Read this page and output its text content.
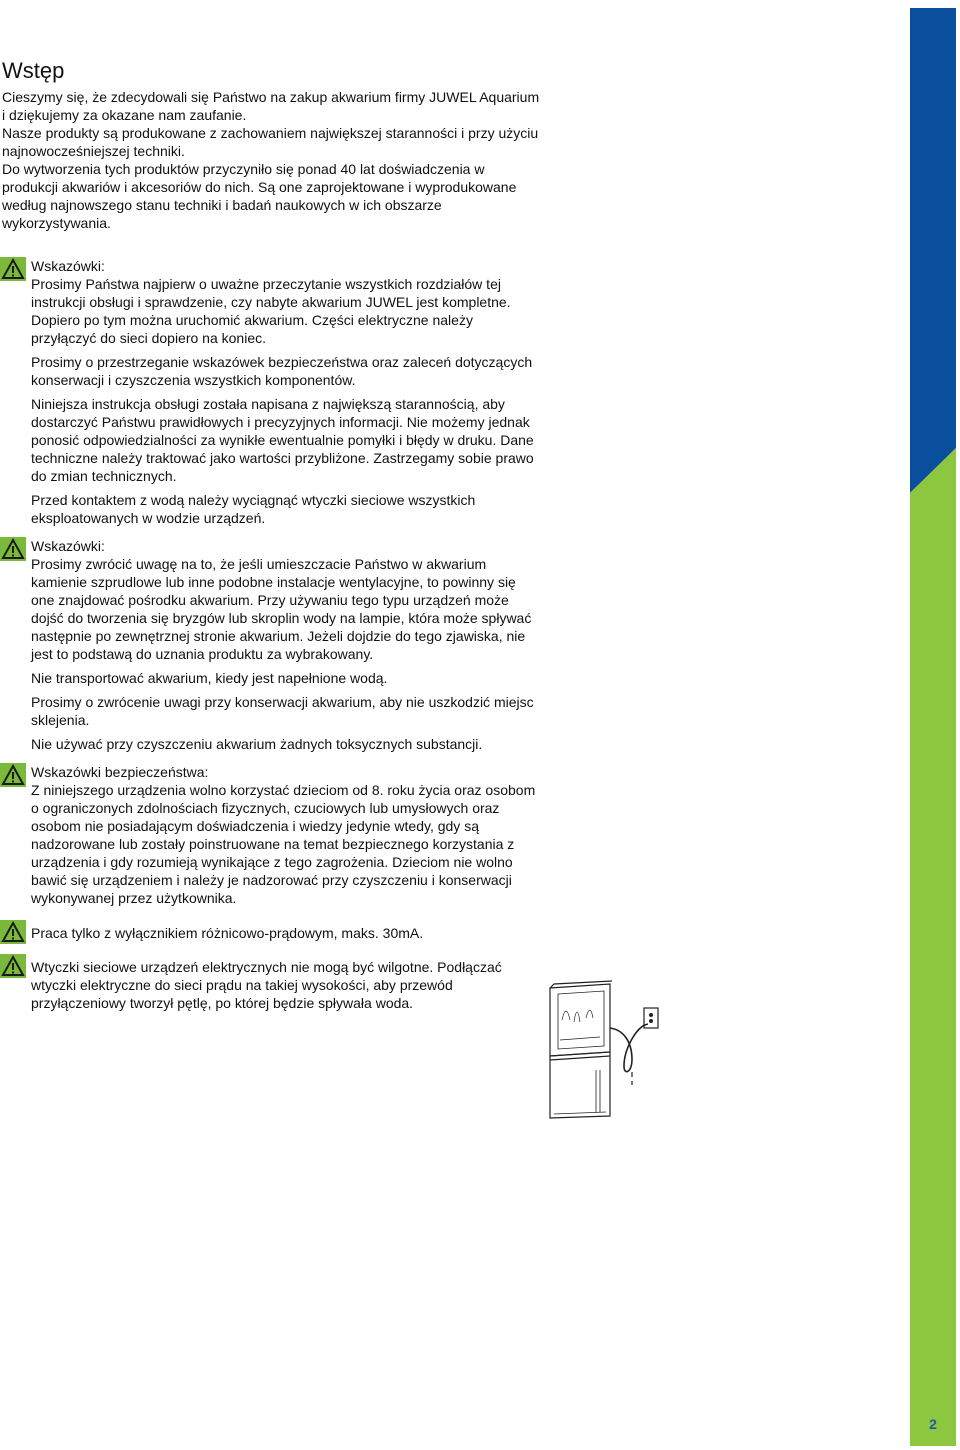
2
Wstęp

Cieszymy się, że zdecydowali się Państwo na zakup akwarium firmy JUWEL Aquarium i dziękujemy za okazane nam zaufanie.

Nasze produkty są produkowane z zachowaniem największej staranności i przy użyciu najnowocześniejszej techniki.

Do wytworzenia tych produktów przyczyniło się ponad 40 lat doświadczenia w produkcji akwariów i akcesoriów do nich. Są one zaprojektowane i wyprodukowane według najnowszego stanu techniki i badań naukowych w ich obszarze wykorzystywania.

Wskazówki:

Prosimy Państwa najpierw o uważne przeczytanie wszystkich rozdziałów tej instrukcji obsługi i sprawdzenie, czy nabyte akwarium JUWEL jest kompletne. Dopiero po tym można uruchomić akwarium. Części elektryczne należy przyłączyć do sieci dopiero na koniec.

Prosimy o przestrzeganie wskazówek bezpieczeństwa oraz zaleceń dotyczących konserwacji i czyszczenia wszystkich komponentów.

Niniejsza instrukcja obsługi została napisana z największą starannością, aby dostarczyć Państwu prawidłowych i precyzyjnych informacji. Nie możemy jednak ponosić odpowiedzialności za wynikłe ewentualnie pomyłki i błędy w druku. Dane techniczne należy traktować jako wartości przybliżone. Zastrzegamy sobie prawo do zmian technicznych.

Przed kontaktem z wodą należy wyciągnąć wtyczki sieciowe wszystkich eksploatowanych w wodzie urządzeń.

Wskazówki:

Prosimy zwrócić uwagę na to, że jeśli umieszczacie Państwo w akwarium kamienie szprudlowe lub inne podobne instalacje wentylacyjne, to powinny się one znajdować pośrodku akwarium. Przy używaniu tego typu urządzeń może dojść do tworzenia się bryzgów lub skroplin wody na lampie, która może spływać następnie po zewnętrznej stronie akwarium. Jeżeli dojdzie do tego zjawiska, nie jest to podstawą do uznania produktu za wybrakowany.

Nie transportować akwarium, kiedy jest napełnione wodą.

Prosimy o zwrócenie uwagi przy konserwacji akwarium, aby nie uszkodzić miejsc sklejenia.

Nie używać przy czyszczeniu akwarium żadnych toksycznych substancji.

Wskazówki bezpieczeństwa:

Z niniejszego urządzenia wolno korzystać dzieciom od 8. roku życia oraz osobom o ograniczonych zdolnościach fizycznych, czuciowych lub umysłowych oraz osobom nie posiadającym doświadczenia i wiedzy jedynie wtedy, gdy są nadzorowane lub zostały poinstruowane na temat bezpiecznego korzystania z urządzenia i gdy rozumieją wynikające z tego zagrożenia. Dzieciom nie wolno bawić się urządzeniem i należy je nadzorować przy czyszczeniu i konserwacji wykonywanej przez użytkownika.

Praca tylko z wyłącznikiem różnicowo-prądowym, maks. 30mA.

Wtyczki sieciowe urządzeń elektrycznych nie mogą być wilgotne. Podłączać wtyczki elektryczne do sieci prądu na takiej wysokości, aby przewód przyłączeniowy tworzył pętlę, po której będzie spływała woda.
